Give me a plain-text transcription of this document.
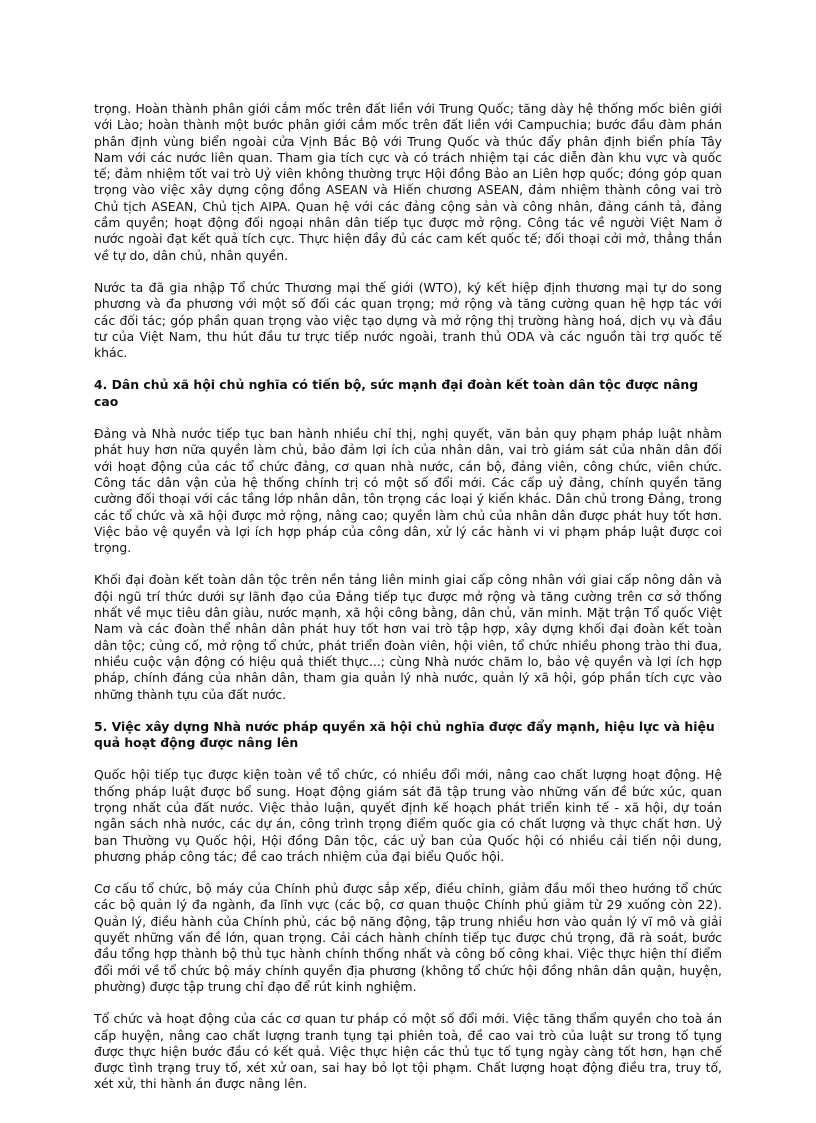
trọng. Hoàn thành phân giới cắm mốc trên đất liền với Trung Quốc; tăng dày hệ thống mốc biên giới với Lào; hoàn thành một bước phân giới cắm mốc trên đất liền với Campuchia; bước đầu đàm phán phân định vùng biển ngoài cửa Vịnh Bắc Bộ với Trung Quốc và thúc đẩy phân định biển phía Tây Nam với các nước liên quan. Tham gia tích cực và có trách nhiệm tại các diễn đàn khu vực và quốc tế; đảm nhiệm tốt vai trò Uỷ viên không thường trực Hội đồng Bảo an Liên hợp quốc; đóng góp quan trọng vào việc xây dựng cộng đồng ASEAN và Hiến chương ASEAN, đảm nhiệm thành công vai trò Chủ tịch ASEAN, Chủ tịch AIPA. Quan hệ với các đảng cộng sản và công nhân, đảng cánh tả, đảng cầm quyền; hoạt động đối ngoại nhân dân tiếp tục được mở rộng. Công tác về người Việt Nam ở nước ngoài đạt kết quả tích cực. Thực hiện đầy đủ các cam kết quốc tế; đối thoại cởi mở, thẳng thắn về tự do, dân chủ, nhân quyền.

Nước ta đã gia nhập Tổ chức Thương mại thế giới (WTO), ký kết hiệp định thương mại tự do song phương và đa phương với một số đối các quan trọng; mở rộng và tăng cường quan hệ hợp tác với các đối tác; góp phần quan trọng vào việc tạo dựng và mở rộng thị trường hàng hoá, dịch vụ và đầu tư của Việt Nam, thu hút đầu tư trực tiếp nước ngoài, tranh thủ ODA và các nguồn tài trợ quốc tế khác.

4. Dân chủ xã hội chủ nghĩa có tiến bộ, sức mạnh đại đoàn kết toàn dân tộc được nâng cao

Đảng và Nhà nước tiếp tục ban hành nhiều chỉ thị, nghị quyết, văn bản quy phạm pháp luật nhằm phát huy hơn nữa quyền làm chủ, bảo đảm lợi ích của nhân dân, vai trò giám sát của nhân dân đối với hoạt động của các tổ chức đảng, cơ quan nhà nước, cán bộ, đảng viên, công chức, viên chức. Công tác dân vận của hệ thống chính trị có một số đổi mới. Các cấp uỷ đảng, chính quyền tăng cường đối thoại với các tầng lớp nhân dân, tôn trọng các loại ý kiến khác. Dân chủ trong Đảng, trong các tổ chức và xã hội được mở rộng, nâng cao; quyền làm chủ của nhân dân được phát huy tốt hơn. Việc bảo vệ quyền và lợi ích hợp pháp của công dân, xử lý các hành vi vi phạm pháp luật được coi trọng.

Khối đại đoàn kết toàn dân tộc trên nền tảng liên minh giai cấp công nhân với giai cấp nông dân và đội ngũ trí thức dưới sự lãnh đạo của Đảng tiếp tục được mở rộng và tăng cường trên cơ sở thống nhất về mục tiêu dân giàu, nước mạnh, xã hội công bằng, dân chủ, văn minh. Mặt trận Tổ quốc Việt Nam và các đoàn thể nhân dân phát huy tốt hơn vai trò tập hợp, xây dựng khối đại đoàn kết toàn dân tộc; củng cố, mở rộng tổ chức, phát triển đoàn viên, hội viên, tổ chức nhiều phong trào thi đua, nhiều cuộc vận động có hiệu quả thiết thực...; cùng Nhà nước chăm lo, bảo vệ quyền và lợi ích hợp pháp, chính đáng của nhân dân, tham gia quản lý nhà nước, quản lý xã hội, góp phần tích cực vào những thành tựu của đất nước.

5. Việc xây dựng Nhà nước pháp quyền xã hội chủ nghĩa được đẩy mạnh, hiệu lực và hiệu quả hoạt động được nâng lên

Quốc hội tiếp tục được kiện toàn về tổ chức, có nhiều đổi mới, nâng cao chất lượng hoạt động. Hệ thống pháp luật được bổ sung. Hoạt động giám sát đã tập trung vào những vấn đề bức xúc, quan trọng nhất của đất nước. Việc thảo luận, quyết định kế hoạch phát triển kinh tế - xã hội, dự toán ngân sách nhà nước, các dự án, công trình trọng điểm quốc gia có chất lượng và thực chất hơn. Uỷ ban Thường vụ Quốc hội, Hội đồng Dân tộc, các uỷ ban của Quốc hội có nhiều cải tiến nội dung, phương pháp công tác; đề cao trách nhiệm của đại biểu Quốc hội.

Cơ cấu tổ chức, bộ máy của Chính phủ được sắp xếp, điều chỉnh, giảm đầu mối theo hướng tổ chức các bộ quản lý đa ngành, đa lĩnh vực (các bộ, cơ quan thuộc Chính phủ giảm từ 29 xuống còn 22). Quản lý, điều hành của Chính phủ, các bộ năng động, tập trung nhiều hơn vào quản lý vĩ mô và giải quyết những vấn đề lớn, quan trọng. Cải cách hành chính tiếp tục được chú trọng, đã rà soát, bước đầu tổng hợp thành bộ thủ tục hành chính thống nhất và công bố công khai. Việc thực hiện thí điểm đổi mới về tổ chức bộ máy chính quyền địa phương (không tổ chức hội đồng nhân dân quận, huyện, phường) được tập trung chỉ đạo để rút kinh nghiệm.

Tổ chức và hoạt động của các cơ quan tư pháp có một số đổi mới. Việc tăng thẩm quyền cho toà án cấp huyện, nâng cao chất lượng tranh tụng tại phiên toà, đề cao vai trò của luật sư trong tố tụng được thực hiện bước đầu có kết quả. Việc thực hiện các thủ tục tố tụng ngày càng tốt hơn, hạn chế được tình trạng truy tố, xét xử oan, sai hay bỏ lọt tội phạm. Chất lượng hoạt động điều tra, truy tố, xét xử, thi hành án được nâng lên.
